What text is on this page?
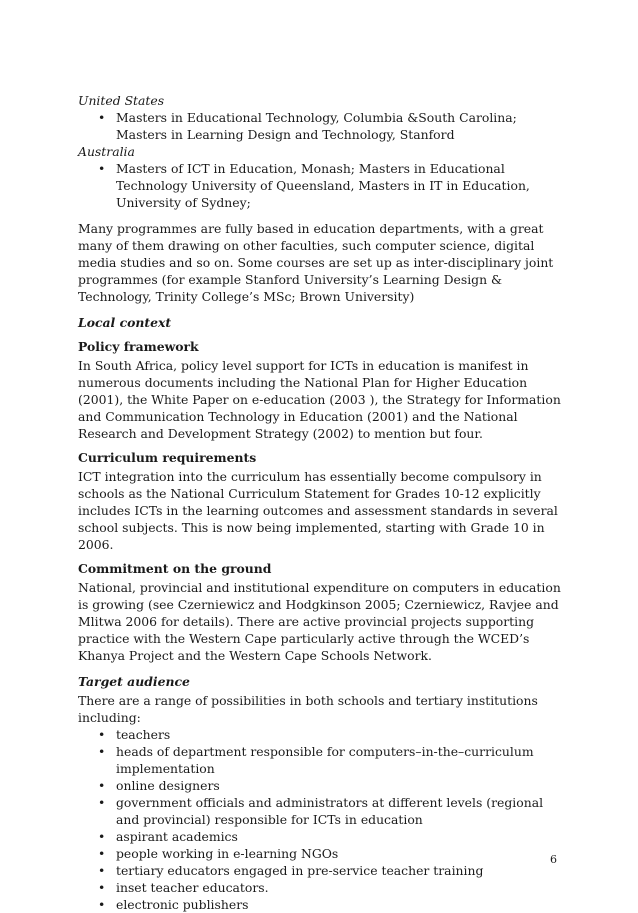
United States

• Masters in Educational Technology, Columbia &South Carolina; Masters in Learning Design and Technology, Stanford

Australia

• Masters of ICT in Education, Monash; Masters in Educational Technology University of Queensland, Masters in IT in Education, University of Sydney;

Many programmes are fully based in education departments, with a great many of them drawing on other faculties, such computer science, digital media studies and so on. Some courses are set up as inter-disciplinary joint programmes (for example Stanford University’s Learning Design & Technology, Trinity College’s MSc; Brown University)

Local context

Policy framework

In South Africa, policy level support for ICTs in education is manifest in numerous documents including the National Plan for Higher Education (2001), the White Paper on e-education (2003 ), the Strategy for Information and Communication Technology in Education (2001) and the National Research and Development Strategy (2002) to mention but four.

Curriculum requirements

ICT integration into the curriculum has essentially become compulsory in schools as the National Curriculum Statement for Grades 10-12 explicitly includes ICTs in the learning outcomes and assessment standards in several school subjects. This is now being implemented, starting with Grade 10 in 2006.

Commitment on the ground

National, provincial and institutional expenditure on computers in education is growing (see Czerniewicz and Hodgkinson 2005; Czerniewicz, Ravjee and Mlitwa 2006 for details). There are active provincial projects supporting practice with the Western Cape particularly active through the WCED’s Khanya Project and the Western Cape Schools Network.

Target audience

There are a range of possibilities in both schools and tertiary institutions including:

• teachers
• heads of department responsible for computers–in-the–curriculum implementation
• online designers
• government officials and administrators at different levels (regional and provincial) responsible for ICTs in education
• aspirant academics
• people working in e-learning NGOs
• tertiary educators engaged in pre-service teacher training
• inset teacher educators.
• electronic publishers
6
